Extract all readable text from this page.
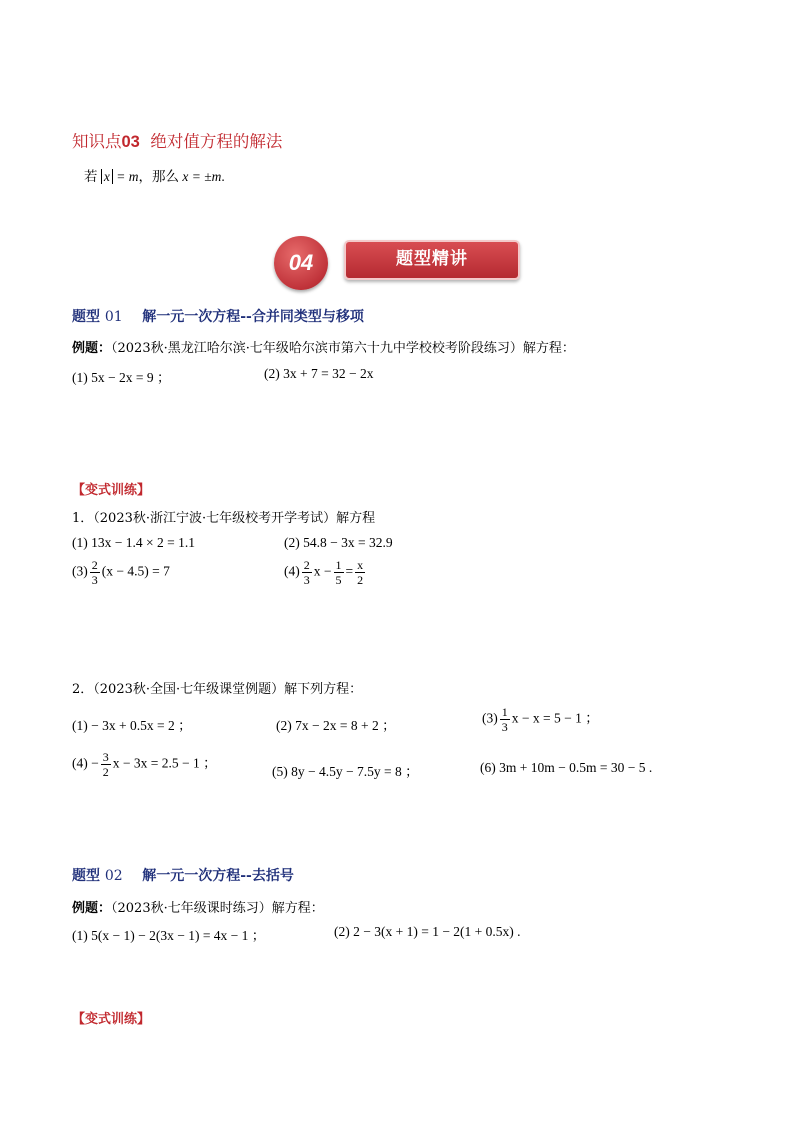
知识点03 绝对值方程的解法
若 x = m，那么 x = ±m.
04	题型精讲
题型 01 解一元一次方程--合并同类型与移项
例题：（2023秋·黑龙江哈尔滨·七年级哈尔滨市第六十九中学校校考阶段练习）解方程：
(1) 5x − 2x = 9 ；	(2) 3x + 7 = 32 − 2x
【变式训练】
1．（2023秋·浙江宁波·七年级校考开学考试）解方程
(1) 13x − 1.4 × 2 = 1.1	(2) 54.8 − 3x = 32.9
$(3) \frac{2}{3} (x - 4.5) = 7$	$(4) \frac{2}{3}$ $x - \frac{1}{5} = \frac{x}{2}$
2．（2023秋·全国·七年级课堂例题）解下列方程：
(1) − 3x + 0.5x = 2 ；	(2) 7x − 2x = 8 + 2 ；	$(3) \frac{1}{3}$ x − x = 5 − 1 ；
$(4) - \frac{3}{2}$ x − 3x = 2.5 − 1 ；
(5) 8y − 4.5y − 7.5y = 8 ；	(6) 3m + 10m − 0.5m = 30 − 5 .
题型 02 解一元一次方程--去括号
例题：（2023秋·七年级课时练习）解方程：
(1) 5(x − 1) − 2(3x − 1) = 4x − 1 ；	(2) 2 − 3(x + 1) = 1 − 2(1 + 0.5x) .
【变式训练】
